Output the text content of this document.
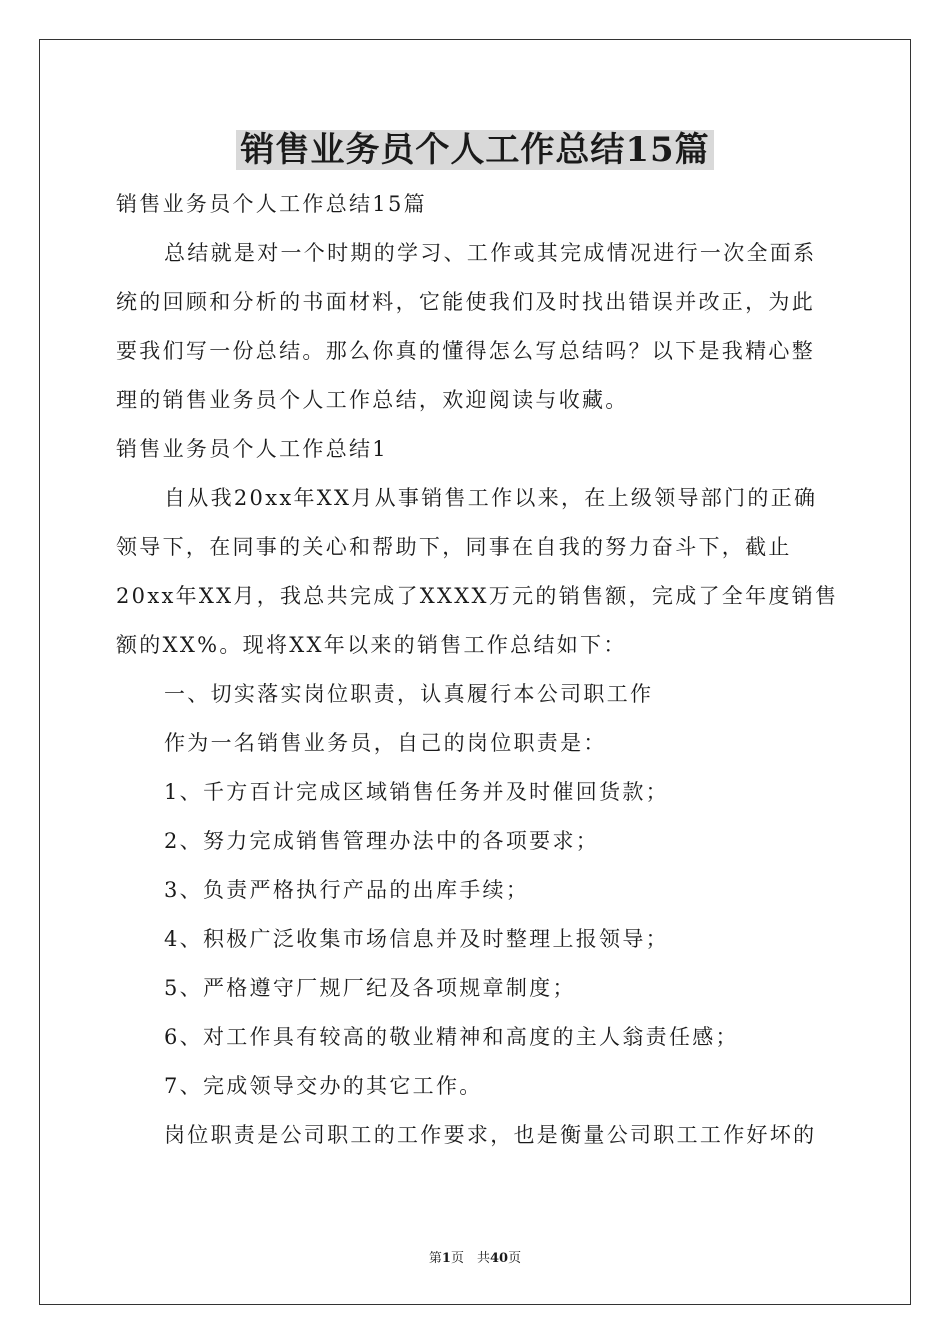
销售业务员个人工作总结15篇
销售业务员个人工作总结15篇
总结就是对一个时期的学习、工作或其完成情况进行一次全面系
统的回顾和分析的书面材料，它能使我们及时找出错误并改正，为此
要我们写一份总结。那么你真的懂得怎么写总结吗？以下是我精心整
理的销售业务员个人工作总结，欢迎阅读与收藏。
销售业务员个人工作总结1
自从我20xx年XX月从事销售工作以来，在上级领导部门的正确
领导下，在同事的关心和帮助下，同事在自我的努力奋斗下，截止
20xx年XX月，我总共完成了XXXX万元的销售额，完成了全年度销售
额的XX%。现将XX年以来的销售工作总结如下：
一、切实落实岗位职责，认真履行本公司职工作
作为一名销售业务员，自己的岗位职责是：
1、千方百计完成区域销售任务并及时催回货款；
2、努力完成销售管理办法中的各项要求；
3、负责严格执行产品的出库手续；
4、积极广泛收集市场信息并及时整理上报领导；
5、严格遵守厂规厂纪及各项规章制度；
6、对工作具有较高的敬业精神和高度的主人翁责任感；
7、完成领导交办的其它工作。
岗位职责是公司职工的工作要求，也是衡量公司职工工作好坏的
第1页　共40页
